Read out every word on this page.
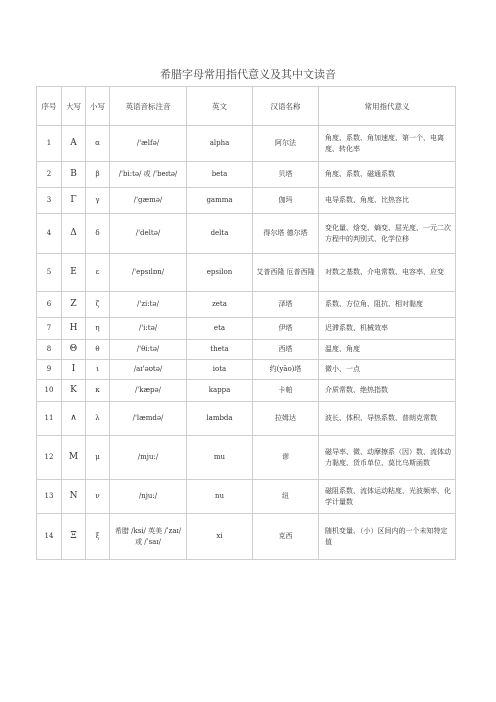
希腊字母常用指代意义及其中文读音
序号	大写	小写	英语音标注音	英文	汉语名称	常用指代意义
1	Α	α	/'ælfə/	alpha	阿尔法	角度、系数、角加速度、第一个、电离度、转化率
2	Β	β	/'bi:tə/ 或 /'beɪtə/	beta	贝塔	角度、系数、磁通系数
3	Γ	γ	/'gæmə/	gamma	伽玛	电导系数、角度、比热容比
4	Δ	δ	/'deltə/	delta	得尔塔 德尔塔	变化量、焓变、熵变、屈光度、一元二次方程中的判别式、化学位移
5	Ε	ε	/'epsɪlɒn/	epsilon	艾普西隆 厄普西隆	对数之基数、介电常数、电容率、应变
6	Ζ	ζ	/'zi:tə/	zeta	泽塔	系数、方位角、阻抗、相对黏度
7	Η	η	/'i:tə/	eta	伊塔	迟滞系数、机械效率
8	Θ	θ	/'θi:tə/	theta	西塔	温度、角度
9	Ι	ι	/aɪ'əʊtə/	iota	约(yāo)塔	微小、一点
10	Κ	κ	/'kæpə/	kappa	卡帕	介质常数、绝热指数
11	∧	λ	/'læmdə/	lambda	拉姆达	波长、体积、导热系数、普朗克常数
12	Μ	μ	/mju:/	mu	谬	磁导率、微、动摩擦系（因）数、流体动力黏度、货币单位、莫比乌斯函数
13	Ν	ν	/nju:/	nu	纽	磁阻系数、流体运动粘度、光波频率、化学计量数
14	Ξ	ξ	希腊 /ksi/ 英美 /ˈzaɪ/ 或 /ˈsaɪ/	xi	克西	随机变量、（小）区间内的一个未知特定值
